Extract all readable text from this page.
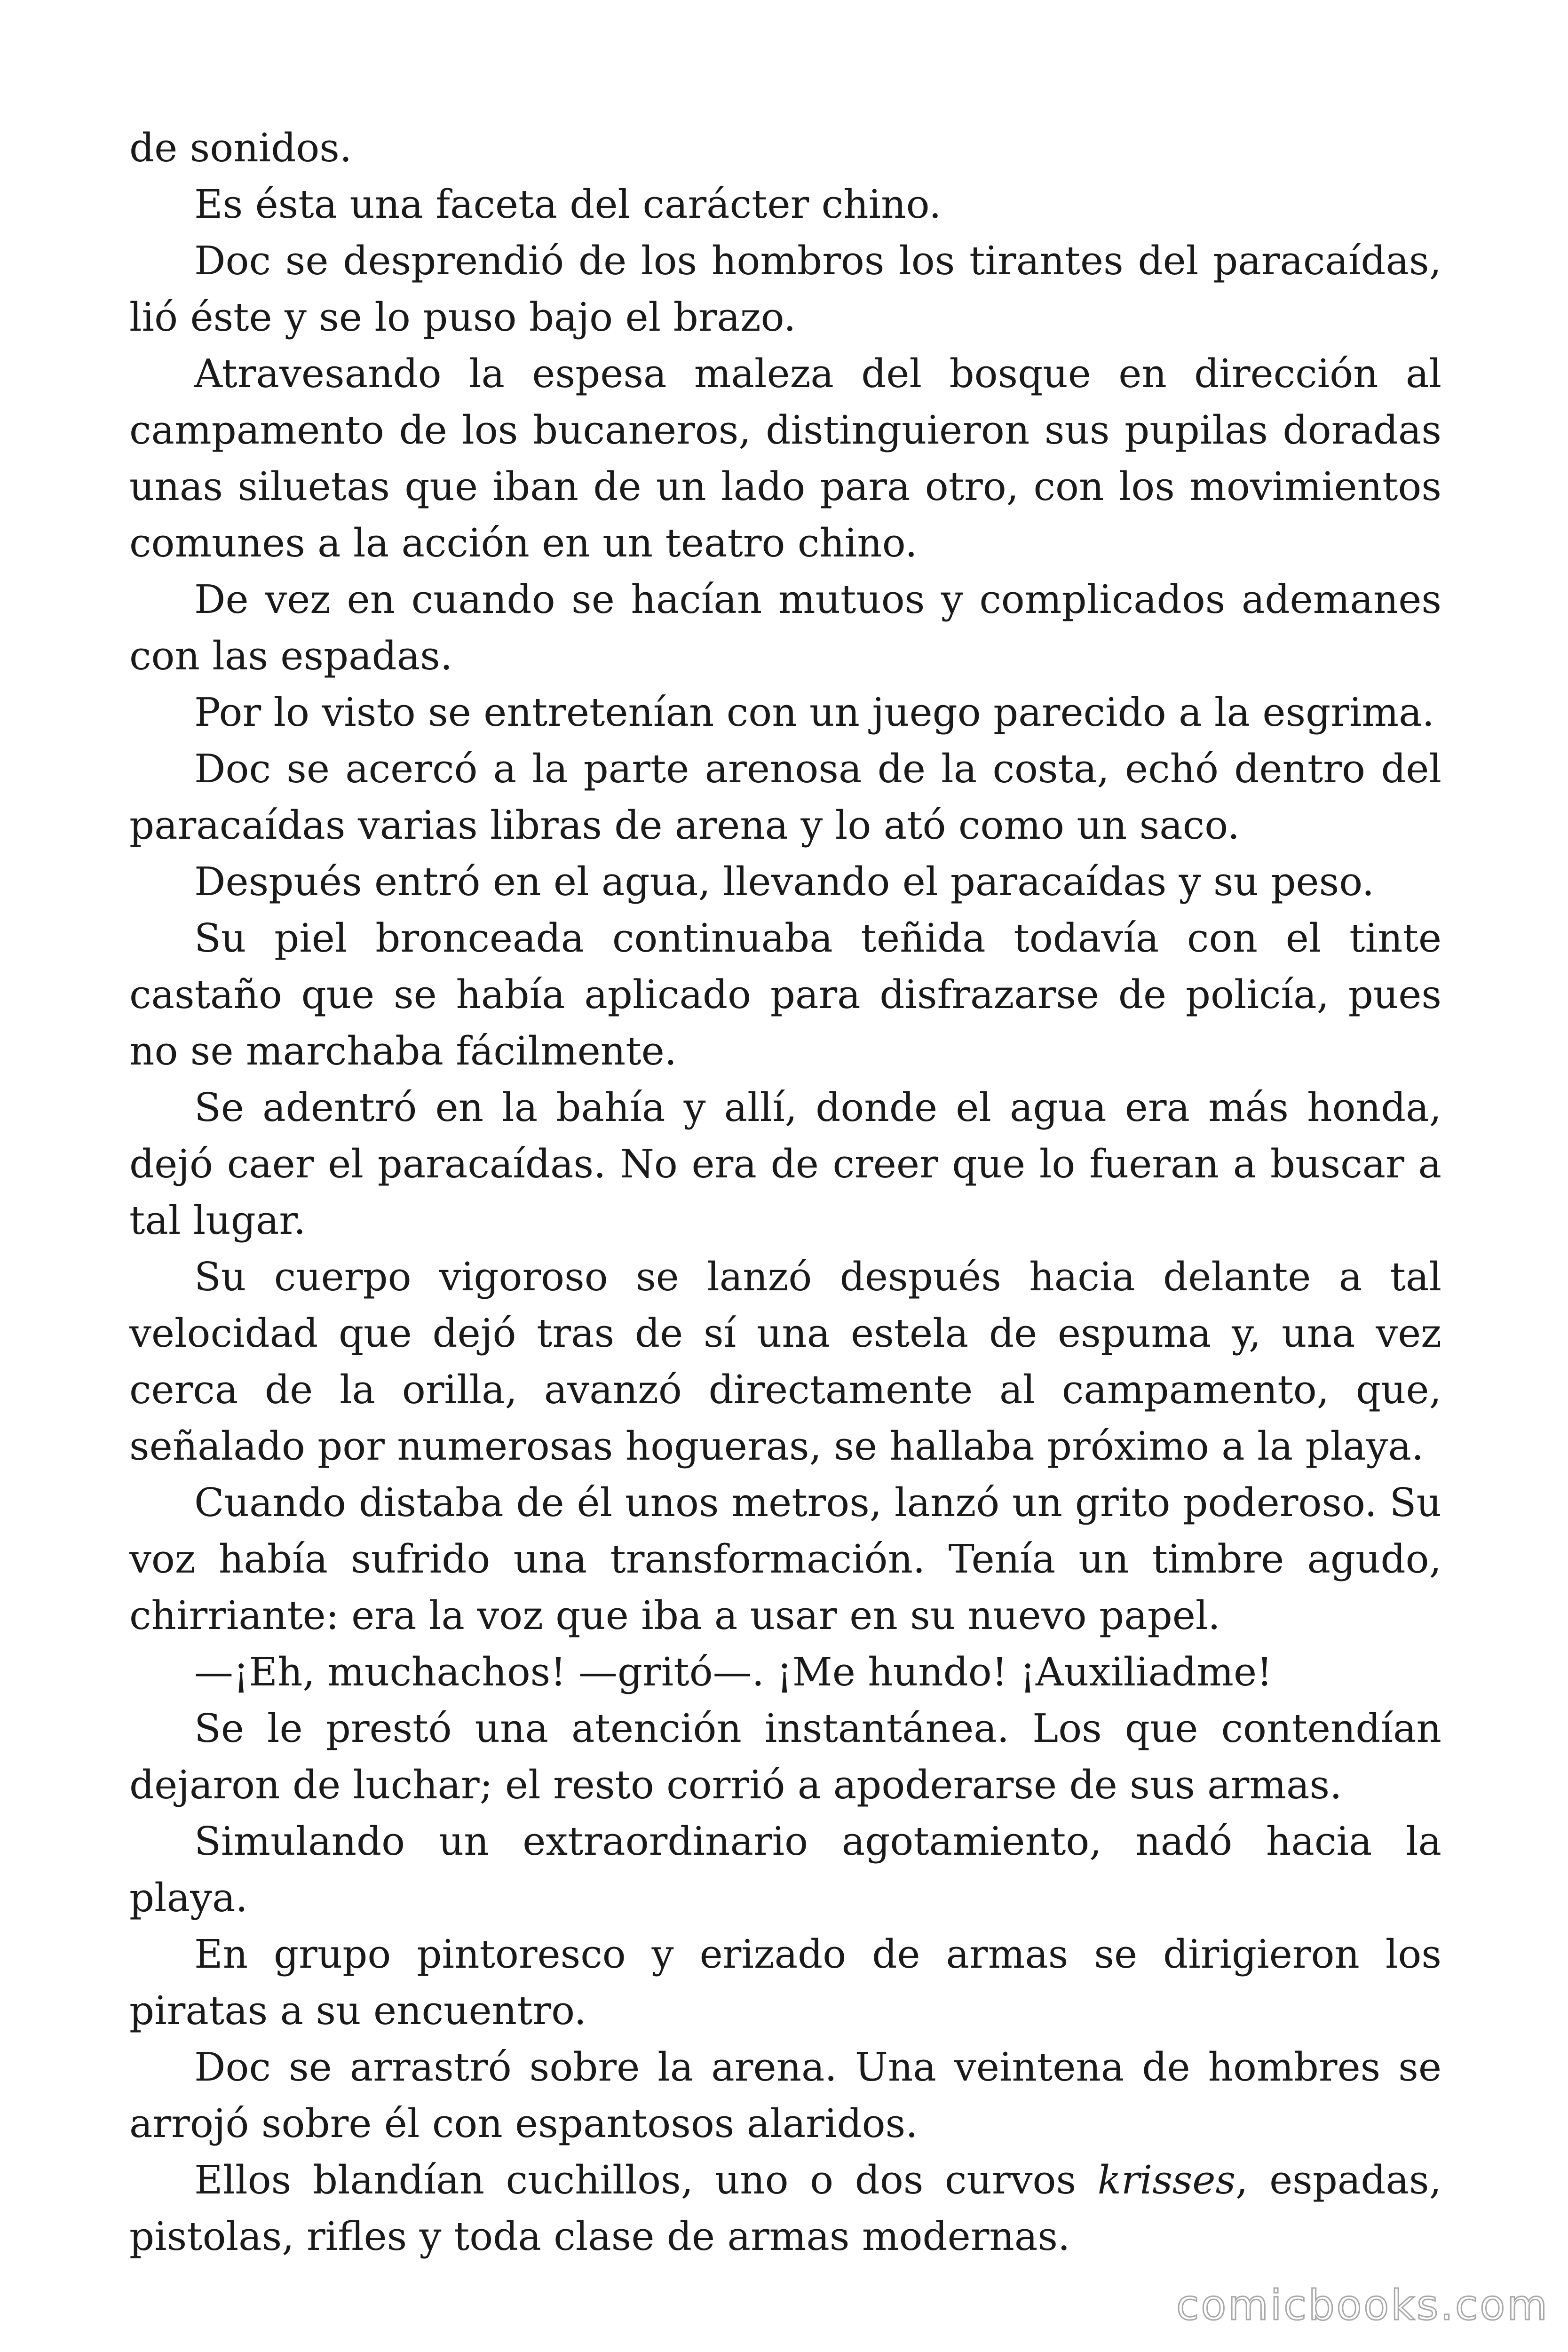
de sonidos.

Es ésta una faceta del carácter chino.

Doc se desprendió de los hombros los tirantes del paracaídas, lió éste y se lo puso bajo el brazo.

Atravesando la espesa maleza del bosque en dirección al campamento de los bucaneros, distinguieron sus pupilas doradas unas siluetas que iban de un lado para otro, con los movimientos comunes a la acción en un teatro chino.

De vez en cuando se hacían mutuos y complicados ademanes con las espadas.

Por lo visto se entretenían con un juego parecido a la esgrima.

Doc se acercó a la parte arenosa de la costa, echó dentro del paracaídas varias libras de arena y lo ató como un saco.

Después entró en el agua, llevando el paracaídas y su peso.

Su piel bronceada continuaba teñida todavía con el tinte castaño que se había aplicado para disfrazarse de policía, pues no se marchaba fácilmente.

Se adentró en la bahía y allí, donde el agua era más honda, dejó caer el paracaídas. No era de creer que lo fueran a buscar a tal lugar.

Su cuerpo vigoroso se lanzó después hacia delante a tal velocidad que dejó tras de sí una estela de espuma y, una vez cerca de la orilla, avanzó directamente al campamento, que, señalado por numerosas hogueras, se hallaba próximo a la playa.

Cuando distaba de él unos metros, lanzó un grito poderoso. Su voz había sufrido una transformación. Tenía un timbre agudo, chirriante: era la voz que iba a usar en su nuevo papel.

—¡Eh, muchachos! —gritó—. ¡Me hundo! ¡Auxiliadme!

Se le prestó una atención instantánea. Los que contendían dejaron de luchar; el resto corrió a apoderarse de sus armas.

Simulando un extraordinario agotamiento, nadó hacia la playa.

En grupo pintoresco y erizado de armas se dirigieron los piratas a su encuentro.

Doc se arrastró sobre la arena. Una veintena de hombres se arrojó sobre él con espantosos alaridos.

Ellos blandían cuchillos, uno o dos curvos krisses, espadas, pistolas, rifles y toda clase de armas modernas.

comicbooks.com
